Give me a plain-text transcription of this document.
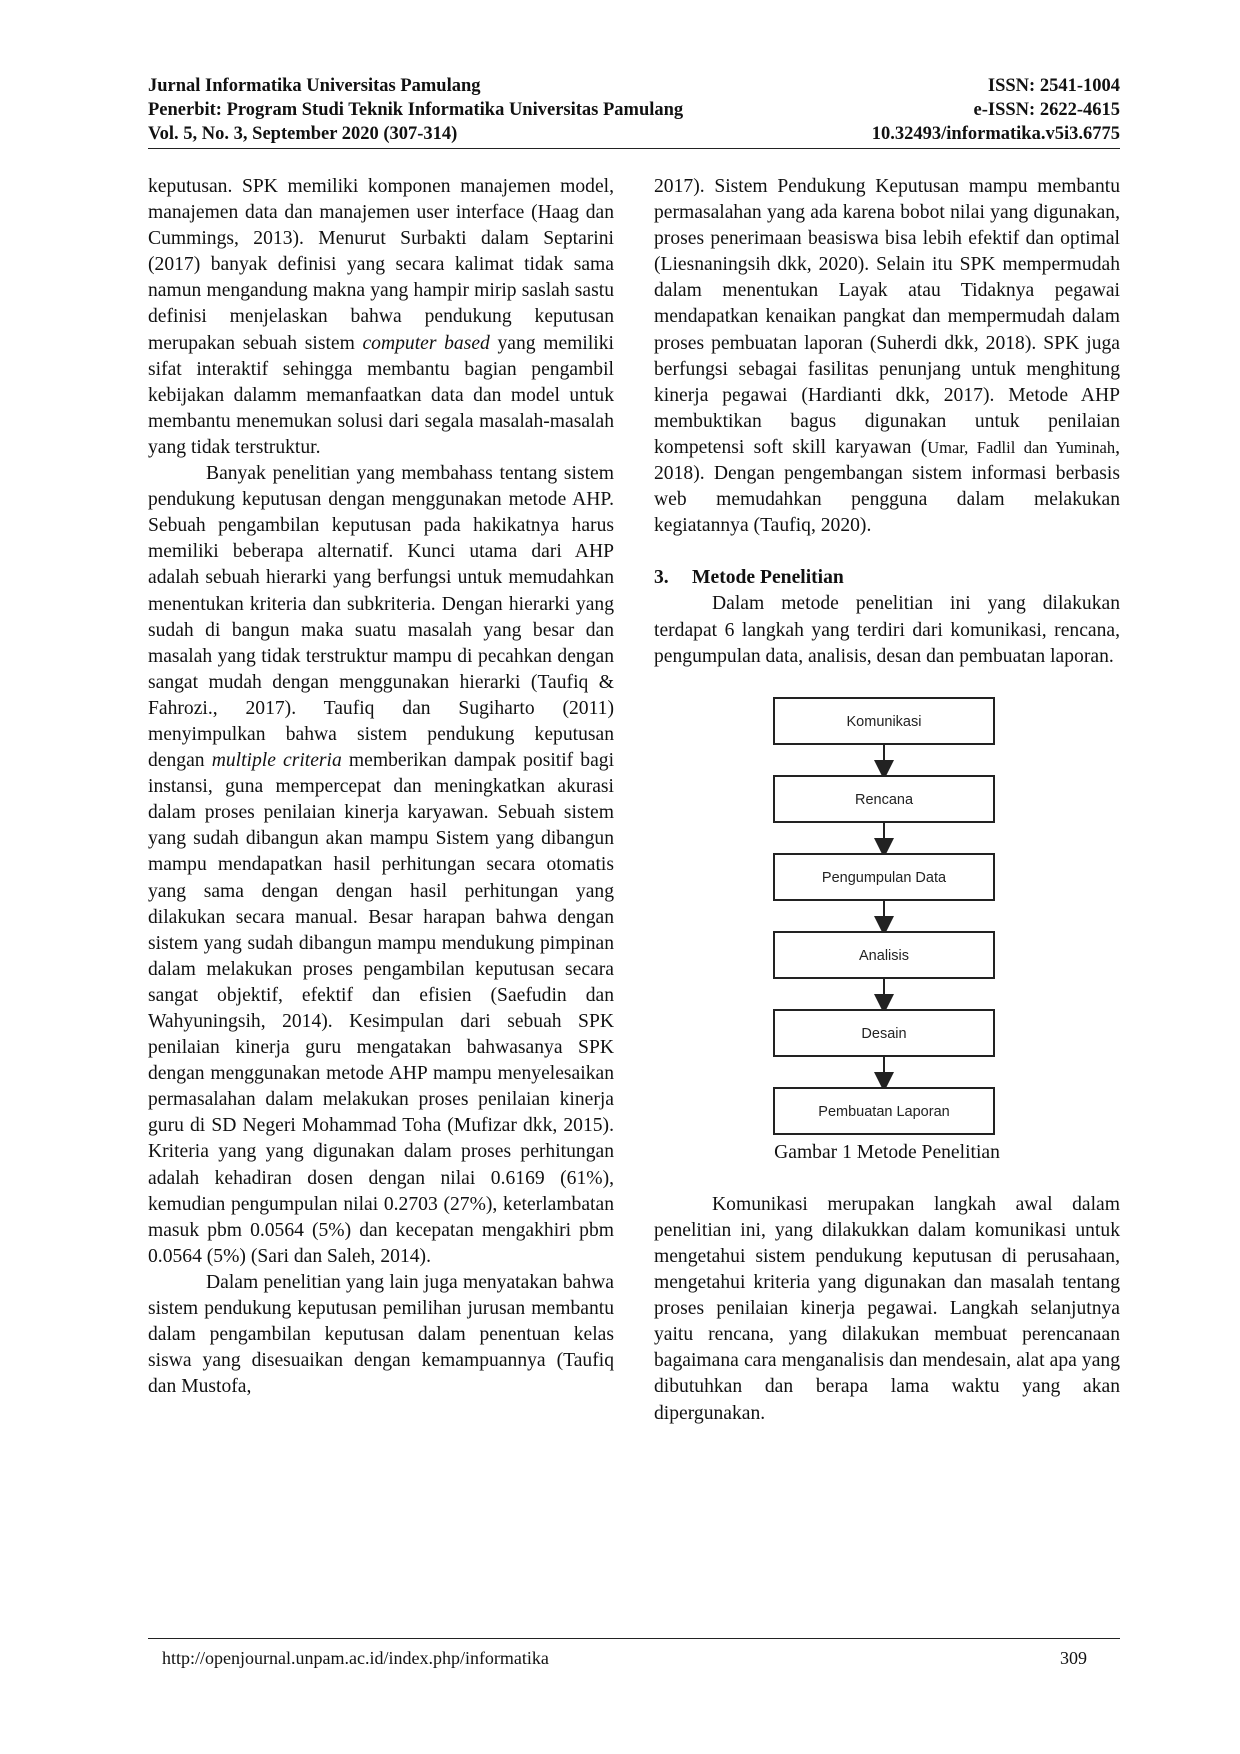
Jurnal Informatika Universitas Pamulang	ISSN: 2541-1004
Penerbit: Program Studi Teknik Informatika Universitas Pamulang	e-ISSN: 2622-4615
Vol. 5, No. 3, September 2020 (307-314)	10.32493/informatika.v5i3.6775

keputusan. SPK memiliki komponen manajemen model, manajemen data dan manajemen user interface (Haag dan Cummings, 2013). Menurut Surbakti dalam Septarini (2017) banyak definisi yang secara kalimat tidak sama namun mengandung makna yang hampir mirip saslah sastu definisi menjelaskan bahwa pendukung keputusan merupakan sebuah sistem computer based yang memiliki sifat interaktif sehingga membantu bagian pengambil kebijakan dalamm memanfaatkan data dan model untuk membantu menemukan solusi dari segala masalah-masalah yang tidak terstruktur.

Banyak penelitian yang membahass tentang sistem pendukung keputusan dengan menggunakan metode AHP. Sebuah pengambilan keputusan pada hakikatnya harus memiliki beberapa alternatif. Kunci utama dari AHP adalah sebuah hierarki yang berfungsi untuk memudahkan menentukan kriteria dan subkriteria. Dengan hierarki yang sudah di bangun maka suatu masalah yang besar dan masalah yang tidak terstruktur mampu di pecahkan dengan sangat mudah dengan menggunakan hierarki (Taufiq & Fahrozi., 2017). Taufiq dan Sugiharto (2011) menyimpulkan bahwa sistem pendukung keputusan dengan multiple criteria memberikan dampak positif bagi instansi, guna mempercepat dan meningkatkan akurasi dalam proses penilaian kinerja karyawan. Sebuah sistem yang sudah dibangun akan mampu Sistem yang dibangun mampu mendapatkan hasil perhitungan secara otomatis yang sama dengan dengan hasil perhitungan yang dilakukan secara manual. Besar harapan bahwa dengan sistem yang sudah dibangun mampu mendukung pimpinan dalam melakukan proses pengambilan keputusan secara sangat objektif, efektif dan efisien (Saefudin dan Wahyuningsih, 2014). Kesimpulan dari sebuah SPK penilaian kinerja guru mengatakan bahwasanya SPK dengan menggunakan metode AHP mampu menyelesaikan permasalahan dalam melakukan proses penilaian kinerja guru di SD Negeri Mohammad Toha (Mufizar dkk, 2015). Kriteria yang yang digunakan dalam proses perhitungan adalah kehadiran dosen dengan nilai 0.6169 (61%), kemudian pengumpulan nilai 0.2703 (27%), keterlambatan masuk pbm 0.0564 (5%) dan kecepatan mengakhiri pbm 0.0564 (5%) (Sari dan Saleh, 2014).

Dalam penelitian yang lain juga menyatakan bahwa sistem pendukung keputusan pemilihan jurusan membantu dalam pengambilan keputusan dalam penentuan kelas siswa yang disesuaikan dengan kemampuannya (Taufiq dan Mustofa,

2017). Sistem Pendukung Keputusan mampu membantu permasalahan yang ada karena bobot nilai yang digunakan, proses penerimaan beasiswa bisa lebih efektif dan optimal (Liesnaningsih dkk, 2020). Selain itu SPK mempermudah dalam menentukan Layak atau Tidaknya pegawai mendapatkan kenaikan pangkat dan mempermudah dalam proses pembuatan laporan (Suherdi dkk, 2018). SPK juga berfungsi sebagai fasilitas penunjang untuk menghitung kinerja pegawai (Hardianti dkk, 2017). Metode AHP membuktikan bagus digunakan untuk penilaian kompetensi soft skill karyawan (Umar, Fadlil dan Yuminah, 2018). Dengan pengembangan sistem informasi berbasis web memudahkan pengguna dalam melakukan kegiatannya (Taufiq, 2020).

3. Metode Penelitian

Dalam metode penelitian ini yang dilakukan terdapat 6 langkah yang terdiri dari komunikasi, rencana, pengumpulan data, analisis, desan dan pembuatan laporan.

Komunikasi
Rencana
Pengumpulan Data
Analisis
Desain
Pembuatan Laporan

Gambar 1 Metode Penelitian

Komunikasi merupakan langkah awal dalam penelitian ini, yang dilakukkan dalam komunikasi untuk mengetahui sistem pendukung keputusan di perusahaan, mengetahui kriteria yang digunakan dan masalah tentang proses penilaian kinerja pegawai. Langkah selanjutnya yaitu rencana, yang dilakukan membuat perencanaan bagaimana cara menganalisis dan mendesain, alat apa yang dibutuhkan dan berapa lama waktu yang akan dipergunakan.

http://openjournal.unpam.ac.id/index.php/informatika	309
